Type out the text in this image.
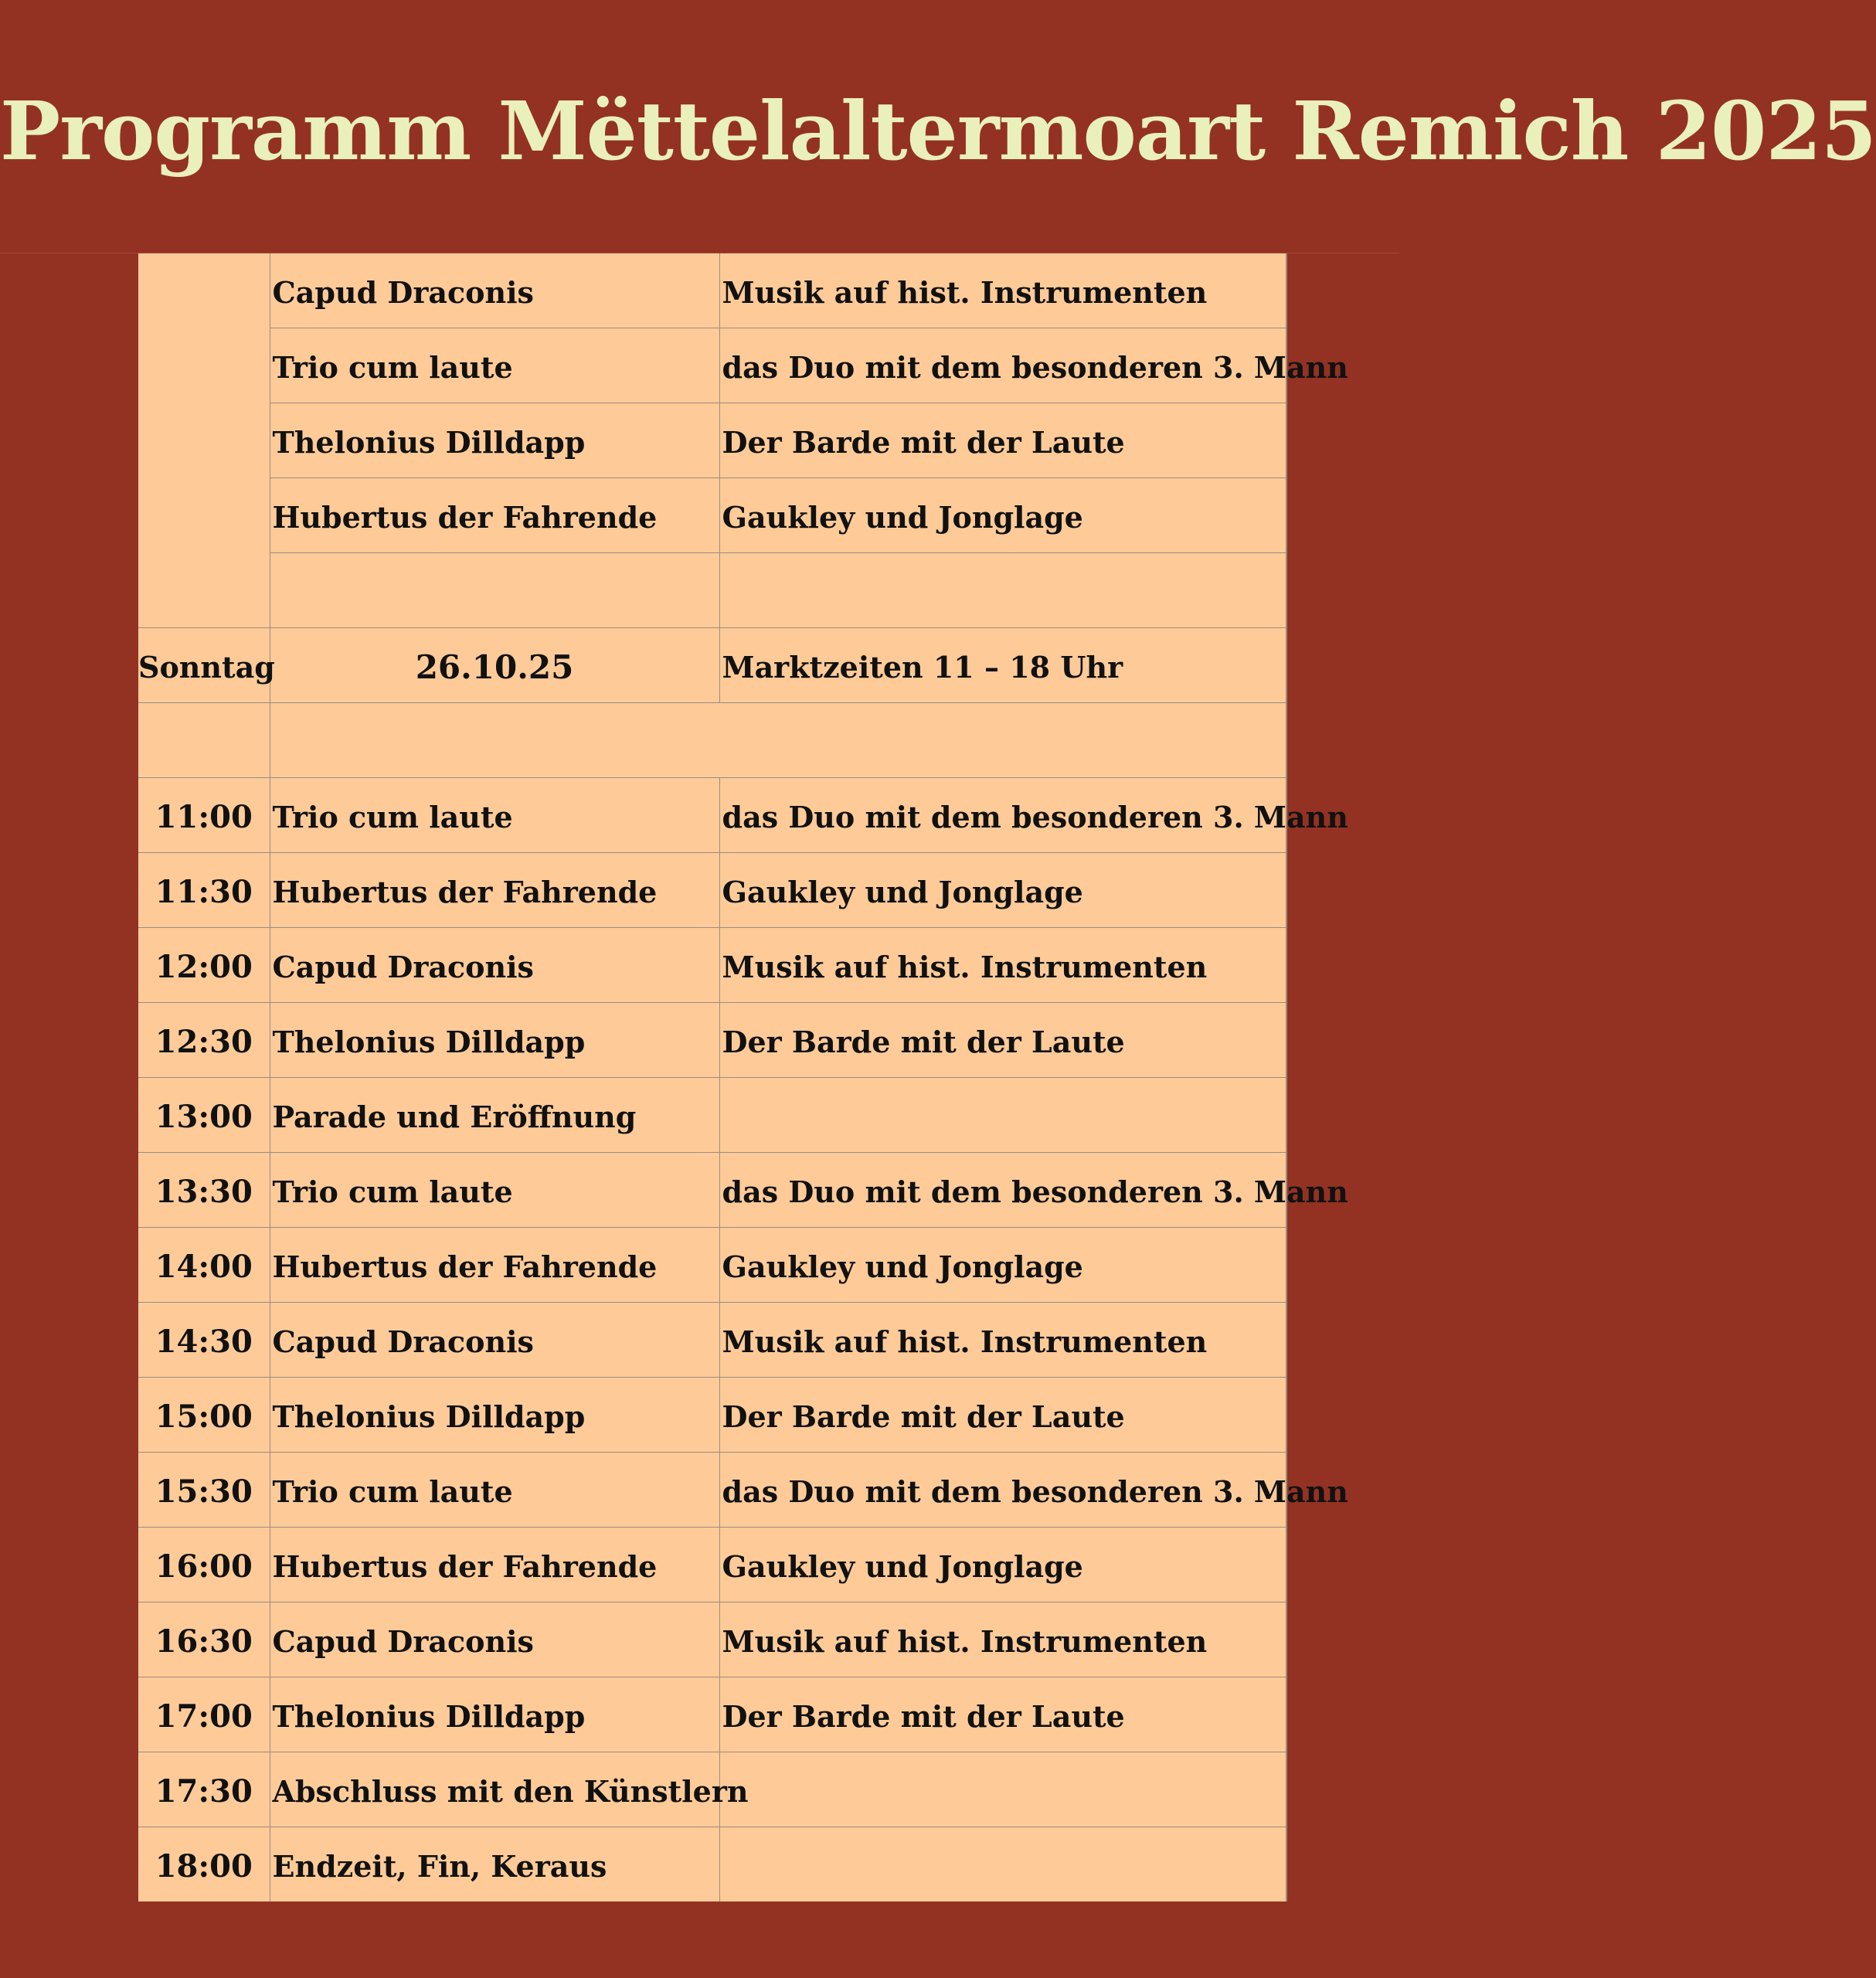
Programm Mëttelaltermoart Remich 2025
	Capud Draconis	Musik auf hist. Instrumenten
	Trio cum laute	das Duo mit dem besonderen 3. Mann
	Thelonius Dilldapp	Der Barde mit der Laute
	Hubertus der Fahrende	Gaukley und Jonglage

Sonntag	26.10.25	Marktzeiten 11 – 18 Uhr

11:00	Trio cum laute	das Duo mit dem besonderen 3. Mann
11:30	Hubertus der Fahrende	Gaukley und Jonglage
12:00	Capud Draconis	Musik auf hist. Instrumenten
12:30	Thelonius Dilldapp	Der Barde mit der Laute
13:00	Parade und Eröffnung	
13:30	Trio cum laute	das Duo mit dem besonderen 3. Mann
14:00	Hubertus der Fahrende	Gaukley und Jonglage
14:30	Capud Draconis	Musik auf hist. Instrumenten
15:00	Thelonius Dilldapp	Der Barde mit der Laute
15:30	Trio cum laute	das Duo mit dem besonderen 3. Mann
16:00	Hubertus der Fahrende	Gaukley und Jonglage
16:30	Capud Draconis	Musik auf hist. Instrumenten
17:00	Thelonius Dilldapp	Der Barde mit der Laute
17:30	Abschluss mit den Künstlern	
18:00	Endzeit, Fin, Keraus	
